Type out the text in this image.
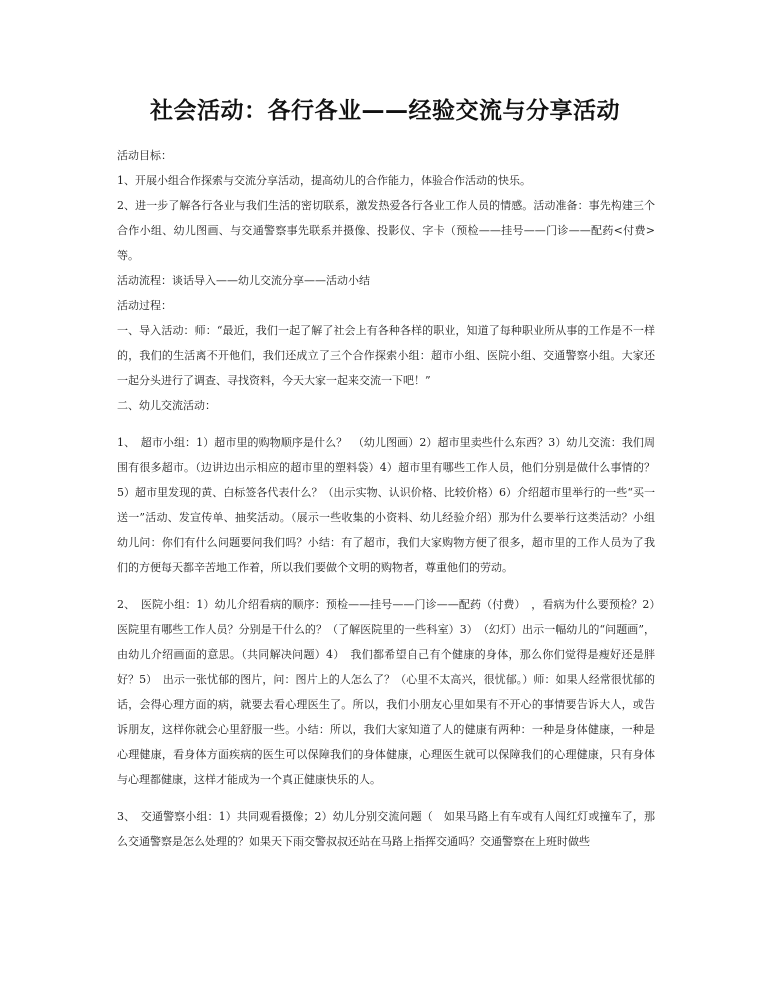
社会活动：各行各业——经验交流与分享活动

活动目标：

1、开展小组合作探索与交流分享活动，提高幼儿的合作能力，体验合作活动的快乐。

2、进一步了解各行各业与我们生活的密切联系，激发热爱各行各业工作人员的情感。活动准备：事先构建三个合作小组、幼儿图画、与交通警察事先联系并摄像、投影仪、字卡（预检——挂号——门诊——配药<付费>等。

活动流程：谈话导入——幼儿交流分享——活动小结

活动过程：

一、导入活动：师：“最近，我们一起了解了社会上有各种各样的职业，知道了每种职业所从事的工作是不一样的，我们的生活离不开他们，我们还成立了三个合作探索小组：超市小组、医院小组、交通警察小组。大家还一起分头进行了调查、寻找资料，今天大家一起来交流一下吧！”

二、幼儿交流活动：

1、　超市小组：1）超市里的购物顺序是什么？　（幼儿图画）2）超市里卖些什么东西？3）幼儿交流：我们周围有很多超市。（边讲边出示相应的超市里的塑料袋）4）超市里有哪些工作人员，他们分别是做什么事情的？5）超市里发现的黄、白标签各代表什么？（出示实物、认识价格、比较价格）6）介绍超市里举行的一些“买一送一”活动、发宣传单、抽奖活动。（展示一些收集的小资料、幼儿经验介绍）那为什么要举行这类活动？小组幼儿问：你们有什么问题要问我们吗？小结：有了超市，我们大家购物方便了很多，超市里的工作人员为了我们的方便每天都辛苦地工作着，所以我们要做个文明的购物者，尊重他们的劳动。

2、　医院小组：1）幼儿介绍看病的顺序：预检——挂号——门诊——配药（付费）　，看病为什么要预检？2）　医院里有哪些工作人员？分别是干什么的？（了解医院里的一些科室）3）　（幻灯）出示一幅幼儿的“问题画”，由幼儿介绍画面的意思。（共同解决问题）4）　我们都希望自己有个健康的身体，那么你们觉得是瘦好还是胖好？5）　出示一张忧郁的图片，问：图片上的人怎么了？（心里不太高兴，很忧郁。）师：如果人经常很忧郁的话，会得心理方面的病，就要去看心理医生了。所以，我们小朋友心里如果有不开心的事情要告诉大人，或告诉朋友，这样你就会心里舒服一些。小结：所以，我们大家知道了人的健康有两种：一种是身体健康，一种是心理健康，看身体方面疾病的医生可以保障我们的身体健康，心理医生就可以保障我们的心理健康，只有身体与心理都健康，这样才能成为一个真正健康快乐的人。

3、　交通警察小组：1）共同观看摄像；2）幼儿分别交流问题（　如果马路上有车或有人闯红灯或撞车了，那么交通警察是怎么处理的？如果天下雨交警叔叔还站在马路上指挥交通吗？交通警察在上班时做些
